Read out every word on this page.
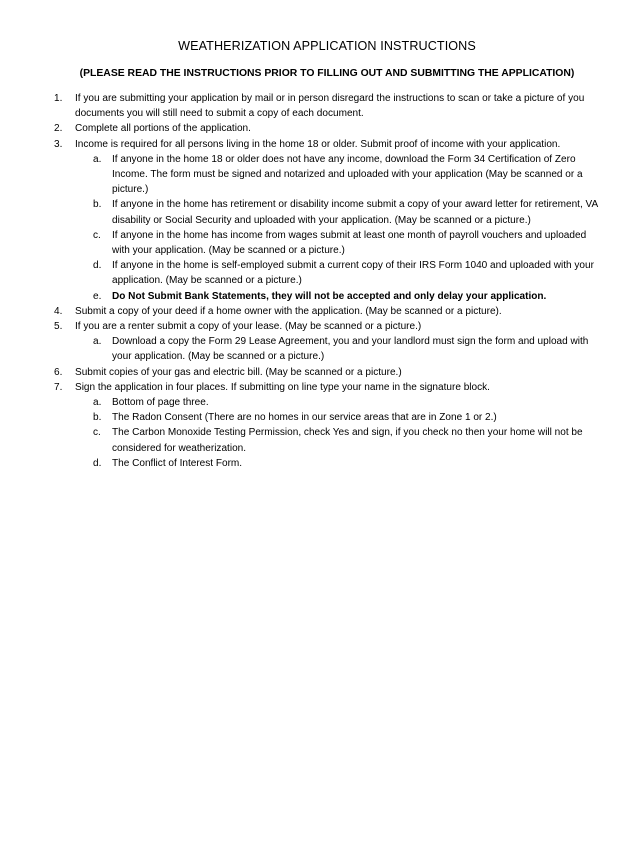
WEATHERIZATION APPLICATION INSTRUCTIONS
(PLEASE READ THE INSTRUCTIONS PRIOR TO FILLING OUT AND SUBMITTING THE APPLICATION)
1. If you are submitting your application by mail or in person disregard the instructions to scan or take a picture of you documents you will still need to submit a copy of each document.
2. Complete all portions of the application.
3. Income is required for all persons living in the home 18 or older. Submit proof of income with your application.
a. If anyone in the home 18 or older does not have any income, download the Form 34 Certification of Zero Income. The form must be signed and notarized and uploaded with your application (May be scanned or a picture.)
b. If anyone in the home has retirement or disability income submit a copy of your award letter for retirement, VA disability or Social Security and uploaded with your application. (May be scanned or a picture.)
c. If anyone in the home has income from wages submit at least one month of payroll vouchers and uploaded with your application. (May be scanned or a picture.)
d. If anyone in the home is self-employed submit a current copy of their IRS Form 1040 and uploaded with your application. (May be scanned or a picture.)
e. Do Not Submit Bank Statements, they will not be accepted and only delay your application.
4. Submit a copy of your deed if a home owner with the application. (May be scanned or a picture).
5. If you are a renter submit a copy of your lease. (May be scanned or a picture.)
a. Download a copy the Form 29 Lease Agreement, you and your landlord must sign the form and upload with your application. (May be scanned or a picture.)
6. Submit copies of your gas and electric bill. (May be scanned or a picture.)
7. Sign the application in four places. If submitting on line type your name in the signature block.
a. Bottom of page three.
b. The Radon Consent (There are no homes in our service areas that are in Zone 1 or 2.)
c. The Carbon Monoxide Testing Permission, check Yes and sign, if you check no then your home will not be considered for weatherization.
d. The Conflict of Interest Form.
